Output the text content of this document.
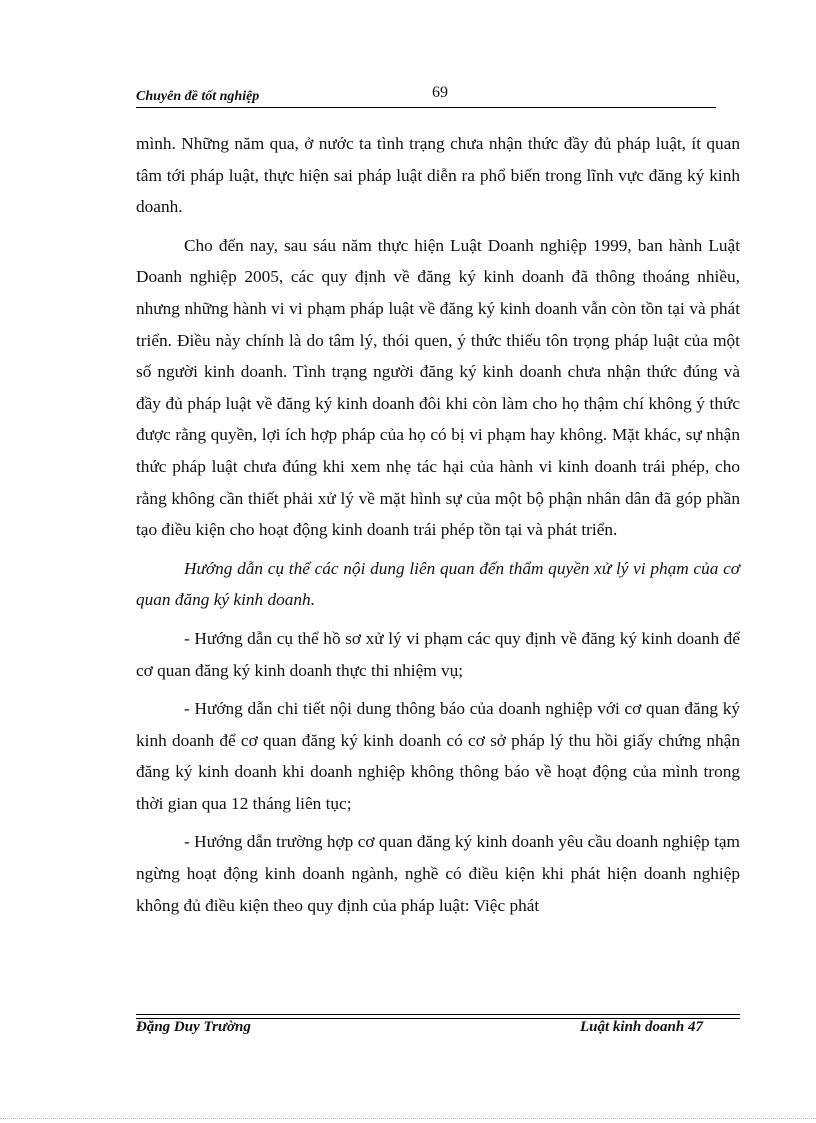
Chuyên đề tốt nghiệp	69

mình. Những năm qua, ở nước ta tình trạng chưa nhận thức đầy đủ pháp luật, ít quan tâm tới pháp luật, thực hiện sai pháp luật diễn ra phổ biến trong lĩnh vực đăng ký kinh doanh.

Cho đến nay, sau sáu năm thực hiện Luật Doanh nghiệp 1999, ban hành Luật Doanh nghiệp 2005, các quy định về đăng ký kinh doanh đã thông thoáng nhiều, nhưng những hành vi vi phạm pháp luật về đăng ký kinh doanh vẫn còn tồn tại và phát triển. Điều này chính là do tâm lý, thói quen, ý thức thiếu tôn trọng pháp luật của một số người kinh doanh. Tình trạng người đăng ký kinh doanh chưa nhận thức đúng và đầy đủ pháp luật về đăng ký kinh doanh đôi khi còn làm cho họ thậm chí không ý thức được rằng quyền, lợi ích hợp pháp của họ có bị vi phạm hay không. Mặt khác, sự nhận thức pháp luật chưa đúng khi xem nhẹ tác hại của hành vi kinh doanh trái phép, cho rằng không cần thiết phải xử lý về mặt hình sự của một bộ phận nhân dân đã góp phần tạo điều kiện cho hoạt động kinh doanh trái phép tồn tại và phát triển.

Hướng dẫn cụ thể các nội dung liên quan đến thẩm quyền xử lý vi phạm của cơ quan đăng ký kinh doanh.

- Hướng dẫn cụ thể hồ sơ xử lý vi phạm các quy định về đăng ký kinh doanh để cơ quan đăng ký kinh doanh thực thi nhiệm vụ;

- Hướng dẫn chi tiết nội dung thông báo của doanh nghiệp với cơ quan đăng ký kinh doanh để cơ quan đăng ký kinh doanh có cơ sở pháp lý thu hồi giấy chứng nhận đăng ký kinh doanh khi doanh nghiệp không thông báo về hoạt động của mình trong thời gian qua 12 tháng liên tục;

- Hướng dẫn trường hợp cơ quan đăng ký kinh doanh yêu cầu doanh nghiệp tạm ngừng hoạt động kinh doanh ngành, nghề có điều kiện khi phát hiện doanh nghiệp không đủ điều kiện theo quy định của pháp luật: Việc phát

Đặng Duy Trường	Luật kinh doanh 47
